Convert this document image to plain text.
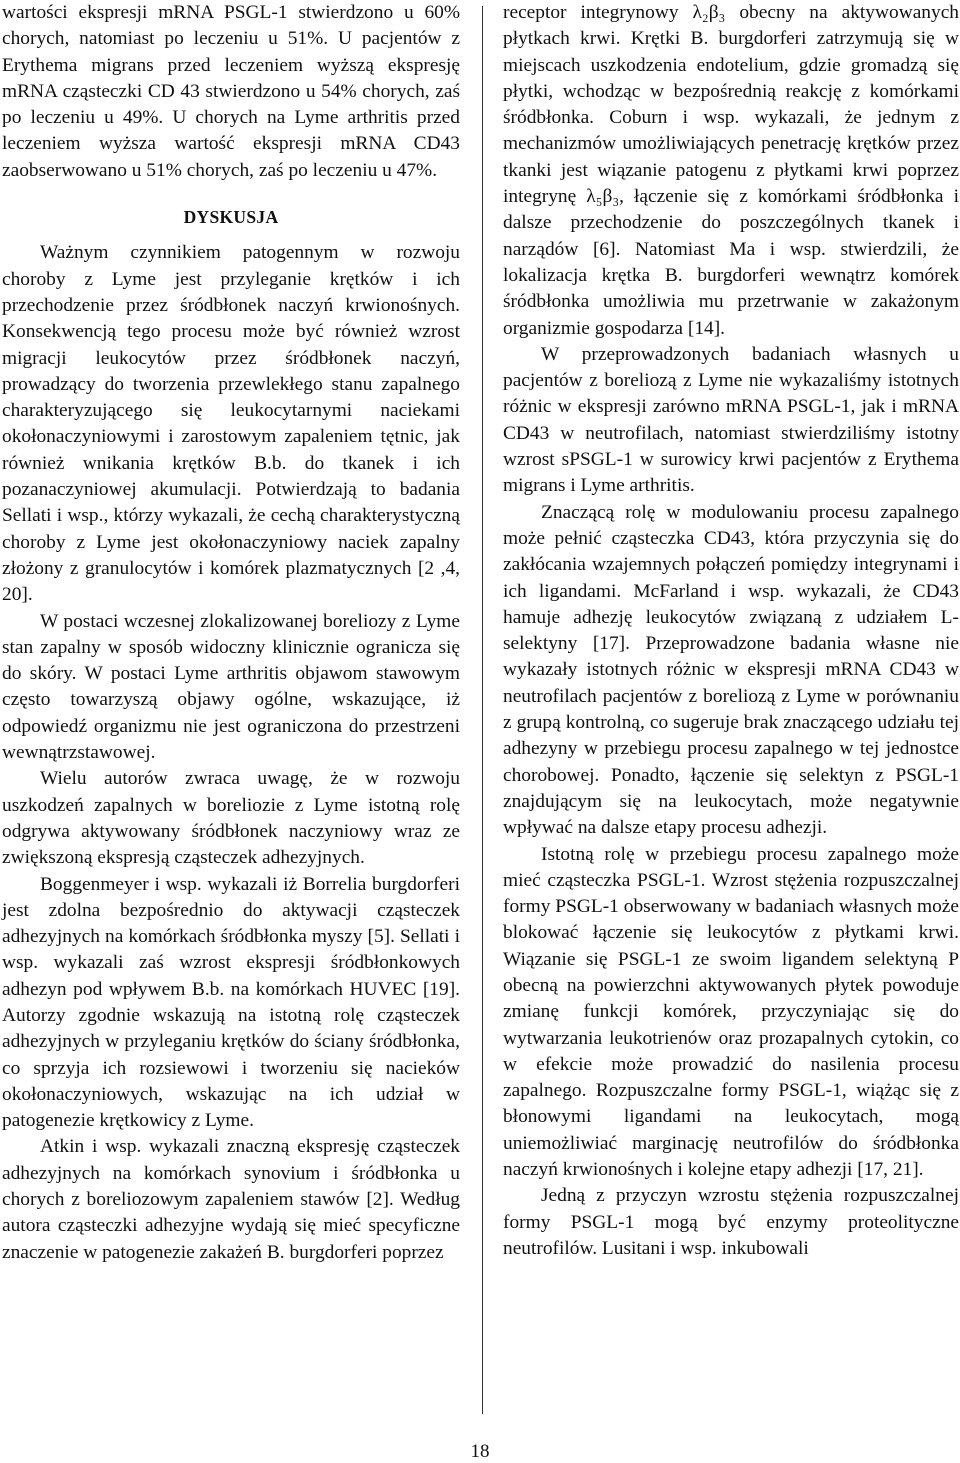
wartości ekspresji mRNA PSGL-1 stwierdzono u 60% chorych, natomiast po leczeniu u 51%. U pacjentów z Erythema migrans przed leczeniem wyższą ekspresję mRNA cząsteczki CD 43 stwierdzono u 54% chorych, zaś po leczeniu u 49%. U chorych na Lyme arthritis przed leczeniem wyższa wartość ekspresji mRNA CD43 zaobserwowano u 51% chorych, zaś po leczeniu u 47%.

DYSKUSJA

Ważnym czynnikiem patogennym w rozwoju choroby z Lyme jest przyleganie krętków i ich przechodzenie przez śródbłonek naczyń krwionośnych. Konsekwencją tego procesu może być również wzrost migracji leukocytów przez śródbłonek naczyń, prowadzący do tworzenia przewlekłego stanu zapalnego charakteryzującego się leukocytarnymi naciekami okołonaczyniowymi i zarostowym zapaleniem tętnic, jak również wnikania krętków B.b. do tkanek i ich pozanaczyniowej akumulacji. Potwierdzają to badania Sellati i wsp., którzy wykazali, że cechą charakterystyczną choroby z Lyme jest okołonaczyniowy naciek zapalny złożony z granulocytów i komórek plazmatycznych [2 ,4, 20].

W postaci wczesnej zlokalizowanej boreliozy z Lyme stan zapalny w sposób widoczny klinicznie ogranicza się do skóry. W postaci Lyme arthritis objawom stawowym często towarzyszą objawy ogólne, wskazujące, iż odpowiedź organizmu nie jest ograniczona do przestrzeni wewnątrzstawowej.

Wielu autorów zwraca uwagę, że w rozwoju uszkodzeń zapalnych w boreliozie z Lyme istotną rolę odgrywa aktywowany śródbłonek naczyniowy wraz ze zwiększoną ekspresją cząsteczek adhezyjnych.

Boggenmeyer i wsp. wykazali iż Borrelia burgdorferi jest zdolna bezpośrednio do aktywacji cząsteczek adhezyjnych na komórkach śródbłonka myszy [5]. Sellati i wsp. wykazali zaś wzrost ekspresji śródbłonkowych adhezyn pod wpływem B.b. na komórkach HUVEC [19]. Autorzy zgodnie wskazują na istotną rolę cząsteczek adhezyjnych w przyleganiu krętków do ściany śródbłonka, co sprzyja ich rozsiewowi i tworzeniu się nacieków okołonaczyniowych, wskazując na ich udział w patogenezie krętkowicy z Lyme.

Atkin i wsp. wykazali znaczną ekspresję cząsteczek adhezyjnych na komórkach synovium i śródbłonka u chorych z boreliozowym zapaleniem stawów [2]. Według autora cząsteczki adhezyjne wydają się mieć specyficzne znaczenie w patogenezie zakażeń B. burgdorferi poprzez

receptor integrynowy λ₂β₃ obecny na aktywowanych płytkach krwi. Krętki B. burgdorferi zatrzymują się w miejscach uszkodzenia endotelium, gdzie gromadzą się płytki, wchodząc w bezpośrednią reakcję z komórkami śródbłonka. Coburn i wsp. wykazali, że jednym z mechanizmów umożliwiających penetrację krętków przez tkanki jest wiązanie patogenu z płytkami krwi poprzez integrynę λ₅β₃, łączenie się z komórkami śródbłonka i dalsze przechodzenie do poszczególnych tkanek i narządów [6]. Natomiast Ma i wsp. stwierdzili, że lokalizacja krętka B. burgdorferi wewnątrz komórek śródbłonka umożliwia mu przetrwanie w zakażonym organizmie gospodarza [14].

W przeprowadzonych badaniach własnych u pacjentów z boreliozą z Lyme nie wykazaliśmy istotnych różnic w ekspresji zarówno mRNA PSGL-1, jak i mRNA CD43 w neutrofilach, natomiast stwierdziliśmy istotny wzrost sPSGL-1 w surowicy krwi pacjentów z Erythema migrans i Lyme arthritis.

Znaczącą rolę w modulowaniu procesu zapalnego może pełnić cząsteczka CD43, która przyczynia się do zakłócania wzajemnych połączeń pomiędzy integrynami i ich ligandami. McFarland i wsp. wykazali, że CD43 hamuje adhezję leukocytów związaną z udziałem L-selektyny [17]. Przeprowadzone badania własne nie wykazały istotnych różnic w ekspresji mRNA CD43 w neutrofilach pacjentów z boreliozą z Lyme w porównaniu z grupą kontrolną, co sugeruje brak znaczącego udziału tej adhezyny w przebiegu procesu zapalnego w tej jednostce chorobowej. Ponadto, łączenie się selektyn z PSGL-1 znajdującym się na leukocytach, może negatywnie wpływać na dalsze etapy procesu adhezji.

Istotną rolę w przebiegu procesu zapalnego może mieć cząsteczka PSGL-1. Wzrost stężenia rozpuszczalnej formy PSGL-1 obserwowany w badaniach własnych może blokować łączenie się leukocytów z płytkami krwi. Wiązanie się PSGL-1 ze swoim ligandem selektyną P obecną na powierzchni aktywowanych płytek powoduje zmianę funkcji komórek, przyczyniając się do wytwarzania leukotrienów oraz prozapalnych cytokin, co w efekcie może prowadzić do nasilenia procesu zapalnego. Rozpuszczalne formy PSGL-1, wiążąc się z błonowymi ligandami na leukocytach, mogą uniemożliwiać marginację neutrofilów do śródbłonka naczyń krwionośnych i kolejne etapy adhezji [17, 21].

Jedną z przyczyn wzrostu stężenia rozpuszczalnej formy PSGL-1 mogą być enzymy proteolityczne neutrofilów. Lusitani i wsp. inkubowali

18
